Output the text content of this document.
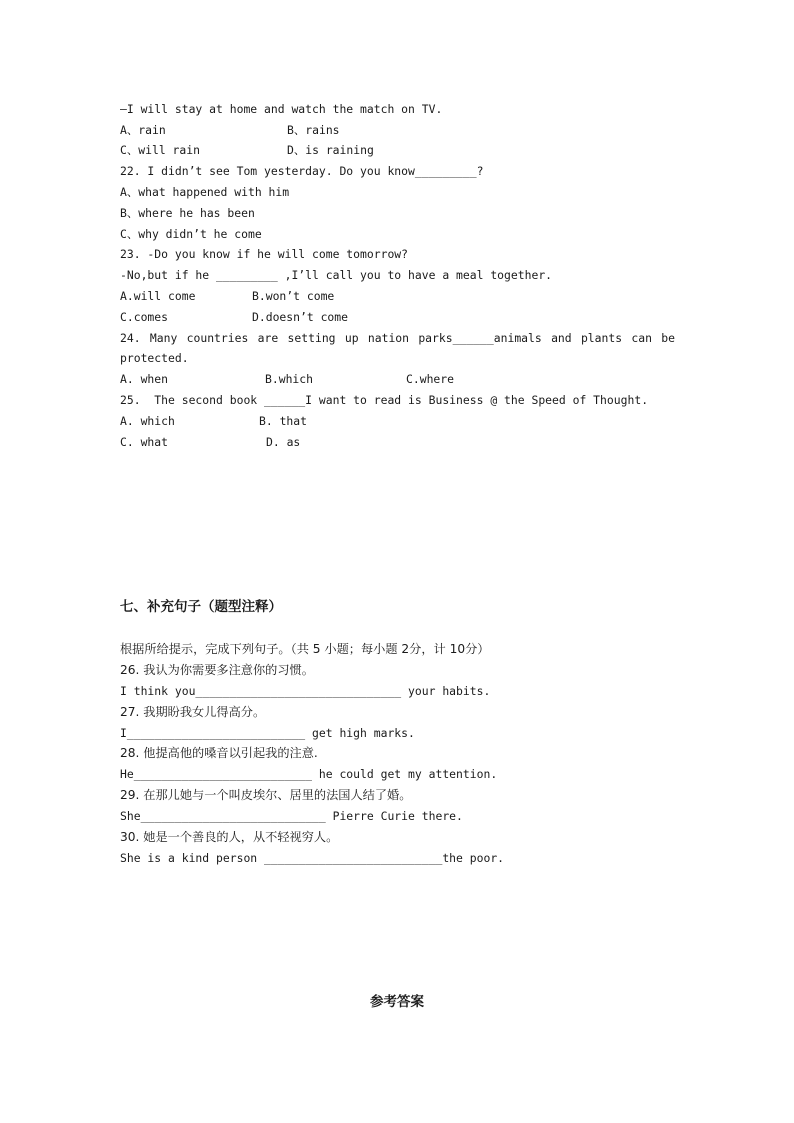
—I will stay at home and watch the match on TV.
A、rain	B、rains
C、will rain	D、is raining
22. I didn’t see Tom yesterday. Do you know_________?
A、what happened with him
B、where he has been
C、why didn’t he come
23. -Do you know if he will come tomorrow?
-No,but if he _________ ,I’ll call you to have a meal together.
A.will come	B.won’t come
C.comes	D.doesn’t come
24. Many countries are setting up nation parks______animals and plants can be
protected.
A. when	B.which	C.where
25.  The second book ______I want to read is Business @ the Speed of Thought.
A. which	B. that
C. what	D. as
七、补充句子（题型注释）
根据所给提示，完成下列句子。（共 5 小题；每小题 2分，计 10分）
26. 我认为你需要多注意你的习惯。
I think you______________________________ your habits.
27. 我期盼我女儿得高分。
I__________________________ get high marks.
28. 他提高他的嗓音以引起我的注意.
He__________________________ he could get my attention.
29. 在那儿她与一个叫皮埃尔、居里的法国人结了婚。
She___________________________ Pierre Curie there.
30. 她是一个善良的人，从不轻视穷人。
She is a kind person __________________________the poor.
参考答案
